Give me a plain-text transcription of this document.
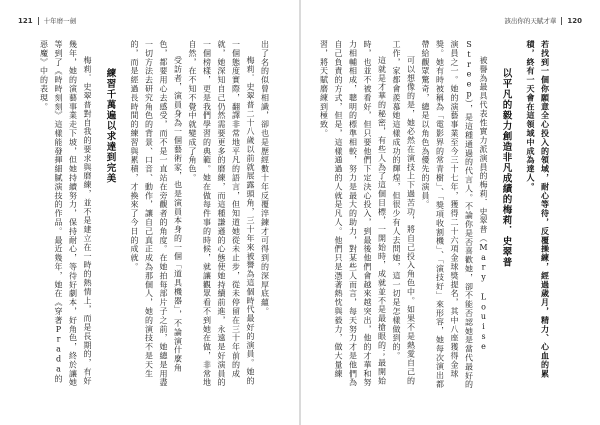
121 十年磨一劍	該出你的天賦才華 120

若找到一個你願意全心投入的領域，耐心等待，反覆操練，經過歲月，精力、心血的累積，終有一天會在這領域中成為達人。

以平凡的毅力創造非凡成績的梅莉．史翠普

被譽為最具代表性實力派演員的梅莉．史翠普（Mary Louise Streep），是這種通過的代言人。不論你是否喜歡她，卻不能否認她是當代最好的演員之一。她的演藝事業至今三十七年，獲得二十六項金球獎提名，其中八座獲得金球獎。她有時被稱為「電影界的常青樹」、「獎項收割機」、「演技好」來形容，她每次演出都帶給觀眾驚奇，總是以角色為優先的演員。

可以想像的是，她必然在演技上下過苦功，將自己投入角色中。如果不是熱愛自己的工作，家都會羨慕她這樣成功的輝煌，但很少有人去問她，這一切是怎樣做到的。

這就是才華的秘密，有些人為了這個目標，一開始時，成就並不是最搶眼的；最開始時，也並不被看好，但只要他們下定決心投入，到最後他們會越來越突出，他的才華和努力相輔相成，聰明的標準相較，努力是最大的助力，對某些人而言，每天努力才是他們為自己負責的方式，但是，這樣通過的人就是凡人。他們只是憑著熱忱與毅力，做大量練習，將天賦磨練到極致。

出了名的似曾相識，卻也是歷經數十年反覆淬鍊才可得到的深厚底蘊。

梅莉．史翠普二十八歲以前就展露頭角，三十年來被譽為這個時代最好的演員。她的一個態度實際，翻譯非常地平凡的語言，但知道她從未止步，從未停留在三十年前的成就，她深知自己仍然需要更多的磨練，而這種謙遜的心態使她持續前進，永遠是好演員的一個榜樣，更是我們學習的典範。她在做每件事的時候，就讓觀眾看不到她在做，非常地自然，在不知不覺中就變成了角色。

受訪者，演員身為一個藝術家，也是演員本身的一個「道具機器」，不論演什麼角色，都要用心去感受，而不是一直站在旁觀者的角度。在她拍每部片子之前，她總是用盡一切方法去研究角色的背景、口音、動作，讓自己真正成為那個人，她的演技不是天生的，而是經過長時間的練習與累積，才換來了今日的成就。

練習千萬遍以求達到完美

梅莉．史翠普對自我的要求與磨練，並不是建立在一時的熱情上，而是長期的，有好幾年，她的演藝事業走下坡，但她持續努力，保持耐心，等待好劇本，好角色，終於讓她等到了《時時刻刻》這樣能發揮細膩演技的作品。最近幾年，她在《穿著Prada的惡魔》中的表現。
